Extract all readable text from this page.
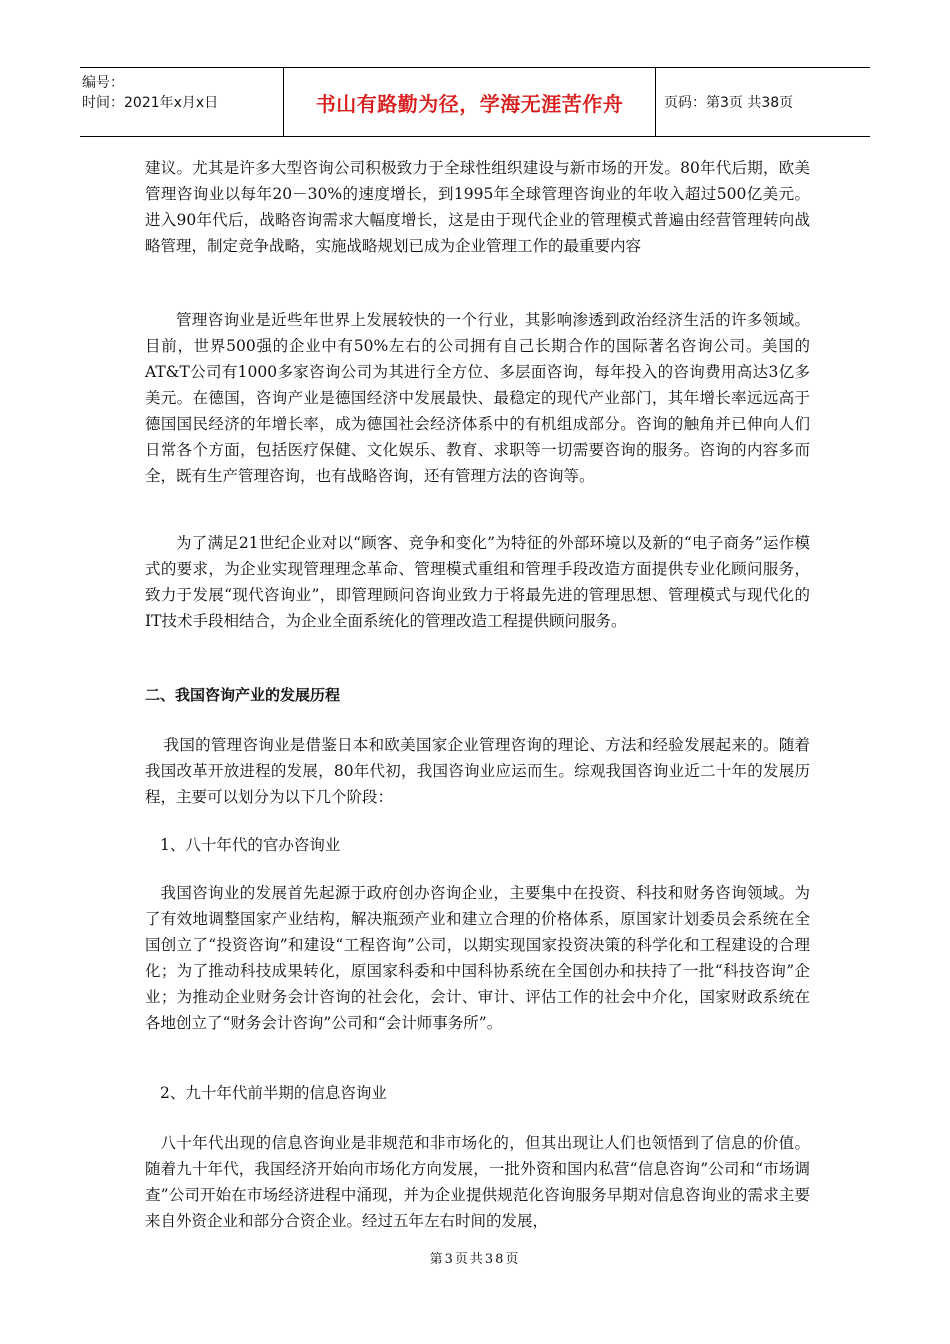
编号：
时间：2021年x月x日	书山有路勤为径，学海无涯苦作舟	页码：第3页 共38页

建议。尤其是许多大型咨询公司积极致力于全球性组织建设与新市场的开发。80年代后期，欧美管理咨询业以每年20－30%的速度增长，到1995年全球管理咨询业的年收入超过500亿美元。进入90年代后，战略咨询需求大幅度增长，这是由于现代企业的管理模式普遍由经营管理转向战略管理，制定竞争战略，实施战略规划已成为企业管理工作的最重要内容

管理咨询业是近些年世界上发展较快的一个行业，其影响渗透到政治经济生活的许多领域。目前，世界500强的企业中有50%左右的公司拥有自己长期合作的国际著名咨询公司。美国的AT&T公司有1000多家咨询公司为其进行全方位、多层面咨询，每年投入的咨询费用高达3亿多美元。在德国，咨询产业是德国经济中发展最快、最稳定的现代产业部门，其年增长率远远高于德国国民经济的年增长率，成为德国社会经济体系中的有机组成部分。咨询的触角并已伸向人们日常各个方面，包括医疗保健、文化娱乐、教育、求职等一切需要咨询的服务。咨询的内容多而全，既有生产管理咨询，也有战略咨询，还有管理方法的咨询等。

为了满足21世纪企业对以“顾客、竞争和变化”为特征的外部环境以及新的“电子商务”运作模式的要求，为企业实现管理理念革命、管理模式重组和管理手段改造方面提供专业化顾问服务，致力于发展“现代咨询业”，即管理顾问咨询业致力于将最先进的管理思想、管理模式与现代化的IT技术手段相结合，为企业全面系统化的管理改造工程提供顾问服务。

二、我国咨询产业的发展历程

我国的管理咨询业是借鉴日本和欧美国家企业管理咨询的理论、方法和经验发展起来的。随着我国改革开放进程的发展，80年代初，我国咨询业应运而生。综观我国咨询业近二十年的发展历程，主要可以划分为以下几个阶段：

1、八十年代的官办咨询业

我国咨询业的发展首先起源于政府创办咨询企业，主要集中在投资、科技和财务咨询领域。为了有效地调整国家产业结构，解决瓶颈产业和建立合理的价格体系，原国家计划委员会系统在全国创立了“投资咨询”和建设“工程咨询”公司，以期实现国家投资决策的科学化和工程建设的合理化；为了推动科技成果转化，原国家科委和中国科协系统在全国创办和扶持了一批“科技咨询”企业；为推动企业财务会计咨询的社会化，会计、审计、评估工作的社会中介化，国家财政系统在各地创立了“财务会计咨询”公司和“会计师事务所”。

2、九十年代前半期的信息咨询业

八十年代出现的信息咨询业是非规范和非市场化的，但其出现让人们也领悟到了信息的价值。随着九十年代，我国经济开始向市场化方向发展，一批外资和国内私营“信息咨询”公司和“市场调查”公司开始在市场经济进程中涌现，并为企业提供规范化咨询服务早期对信息咨询业的需求主要来自外资企业和部分合资企业。经过五年左右时间的发展，

第3页共38页
